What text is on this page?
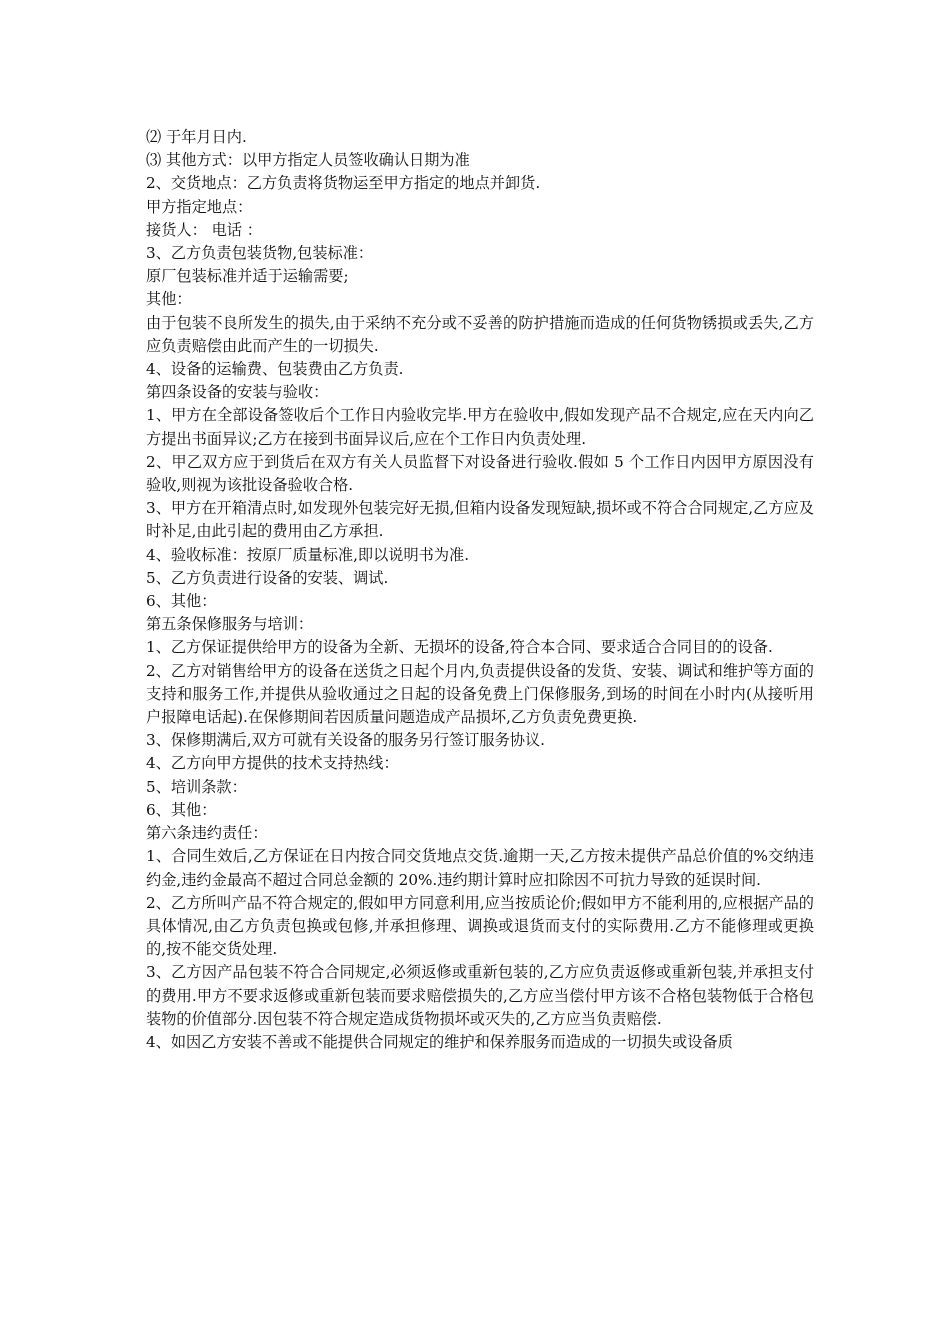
⑵ 于年月日内.

⑶ 其他方式：以甲方指定人员签收确认日期为准

2、交货地点：乙方负责将货物运至甲方指定的地点并卸货.

甲方指定地点：

接货人： 电话 ：

3、乙方负责包装货物,包装标准：

原厂包装标准并适于运输需要;

其他：

由于包装不良所发生的损失,由于采纳不充分或不妥善的防护措施而造成的任何货物锈损或丢失,乙方应负责赔偿由此而产生的一切损失.

4、设备的运输费、包装费由乙方负责.

第四条设备的安装与验收：

1、甲方在全部设备签收后个工作日内验收完毕.甲方在验收中,假如发现产品不合规定,应在天内向乙方提出书面异议;乙方在接到书面异议后,应在个工作日内负责处理.

2、甲乙双方应于到货后在双方有关人员监督下对设备进行验收.假如 5 个工作日内因甲方原因没有验收,则视为该批设备验收合格.

3、甲方在开箱清点时,如发现外包装完好无损,但箱内设备发现短缺,损坏或不符合合同规定,乙方应及时补足,由此引起的费用由乙方承担.

4、验收标准：按原厂质量标准,即以说明书为准.

5、乙方负责进行设备的安装、调试.

6、其他：

第五条保修服务与培训：

1、乙方保证提供给甲方的设备为全新、无损坏的设备,符合本合同、要求适合合同目的的设备.

2、乙方对销售给甲方的设备在送货之日起个月内,负责提供设备的发货、安装、调试和维护等方面的支持和服务工作,并提供从验收通过之日起的设备免费上门保修服务,到场的时间在小时内(从接听用户报障电话起).在保修期间若因质量问题造成产品损坏,乙方负责免费更换.

3、保修期满后,双方可就有关设备的服务另行签订服务协议.

4、乙方向甲方提供的技术支持热线：

5、培训条款：

6、其他：

第六条违约责任：

1、合同生效后,乙方保证在日内按合同交货地点交货.逾期一天,乙方按未提供产品总价值的%交纳违约金,违约金最高不超过合同总金额的 20%.违约期计算时应扣除因不可抗力导致的延误时间.

2、乙方所叫产品不符合规定的,假如甲方同意利用,应当按质论价;假如甲方不能利用的,应根据产品的具体情况,由乙方负责包换或包修,并承担修理、调换或退货而支付的实际费用.乙方不能修理或更换的,按不能交货处理.

3、乙方因产品包装不符合合同规定,必须返修或重新包装的,乙方应负责返修或重新包装,并承担支付的费用.甲方不要求返修或重新包装而要求赔偿损失的,乙方应当偿付甲方该不合格包装物低于合格包装物的价值部分.因包装不符合规定造成货物损坏或灭失的,乙方应当负责赔偿.

4、如因乙方安装不善或不能提供合同规定的维护和保养服务而造成的一切损失或设备质
